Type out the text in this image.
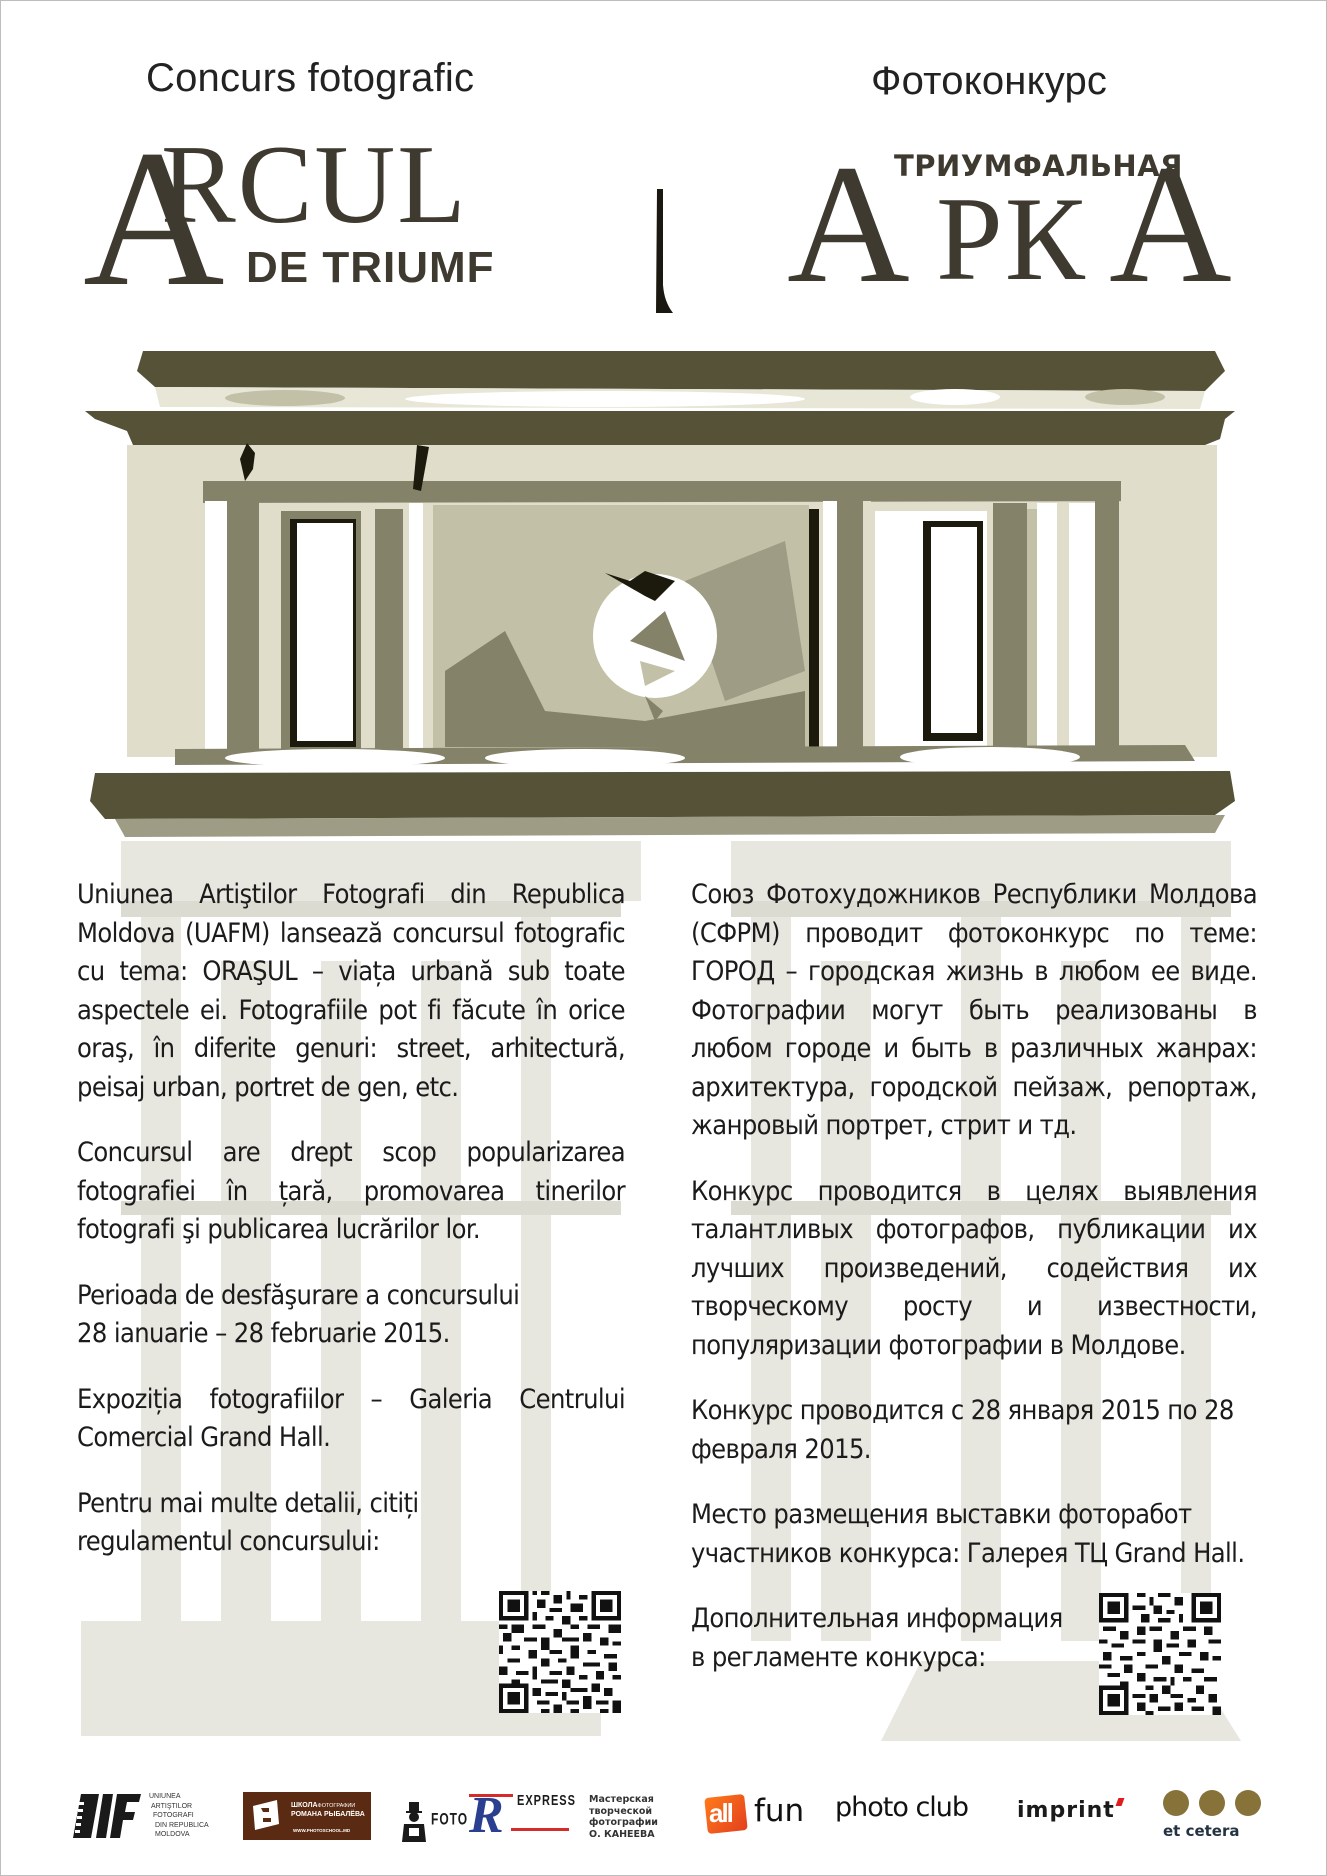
Concurs fotografic
A
RCUL
DE TRIUMF
Фотоконкурс
А
ТРИУМФАЛЬНАЯ
РК А

Uniunea Artiştilor Fotografi din Republica Moldova (UAFM) lansează concursul fotografic cu tema: ORAŞUL – viața urbană sub toate aspectele ei. Fotografiile pot fi făcute în orice oraş, în diferite genuri: street, arhitectură, peisaj urban, portret de gen, etc.

Concursul are drept scop popularizarea fotografiei în țară, promovarea tinerilor fotografi şi publicarea lucrărilor lor.

Perioada de desfăşurare a concursului
28 ianuarie – 28 februarie 2015.

Expoziția fotografiilor – Galeria Centrului Comercial Grand Hall.

Pentru mai multe detalii, citiți
regulamentul concursului:

Союз Фотохудожников Республики Молдова (СФРМ) проводит фотоконкурс по теме: ГОРОД – городская жизнь в любом ее виде. Фотографии могут быть реализованы в любом городе и быть в различных жанрах: архитектура, городской пейзаж, репортаж, жанровый портрет, стрит и тд.

Конкурс проводится в целях выявления талантливых фотографов, публикации их лучших произведений, содействия их творческому росту и известности, популяризации фотографии в Молдове.

Конкурс проводится с 28 января 2015 по 28 февраля 2015.

Место размещения выставки фоторабот участников конкурса: Галерея ТЦ Grand Hall.

Дополнительная информация
в регламенте конкурса:

UNIUNEA
ARTIŞTILOR
FOTOGRAFI
DIN REPUBLICA MOLDOVA
ШКОЛАФОТОГРАФИИ
РОМАНА РЫБАЛЁВА
WWW.PHOTOSCHOOL.MD
FOTO R EXPRESS Мастерская
творческой
фотографии
О. КАНЕЕВА
all fun photo club imprint
et cetera
